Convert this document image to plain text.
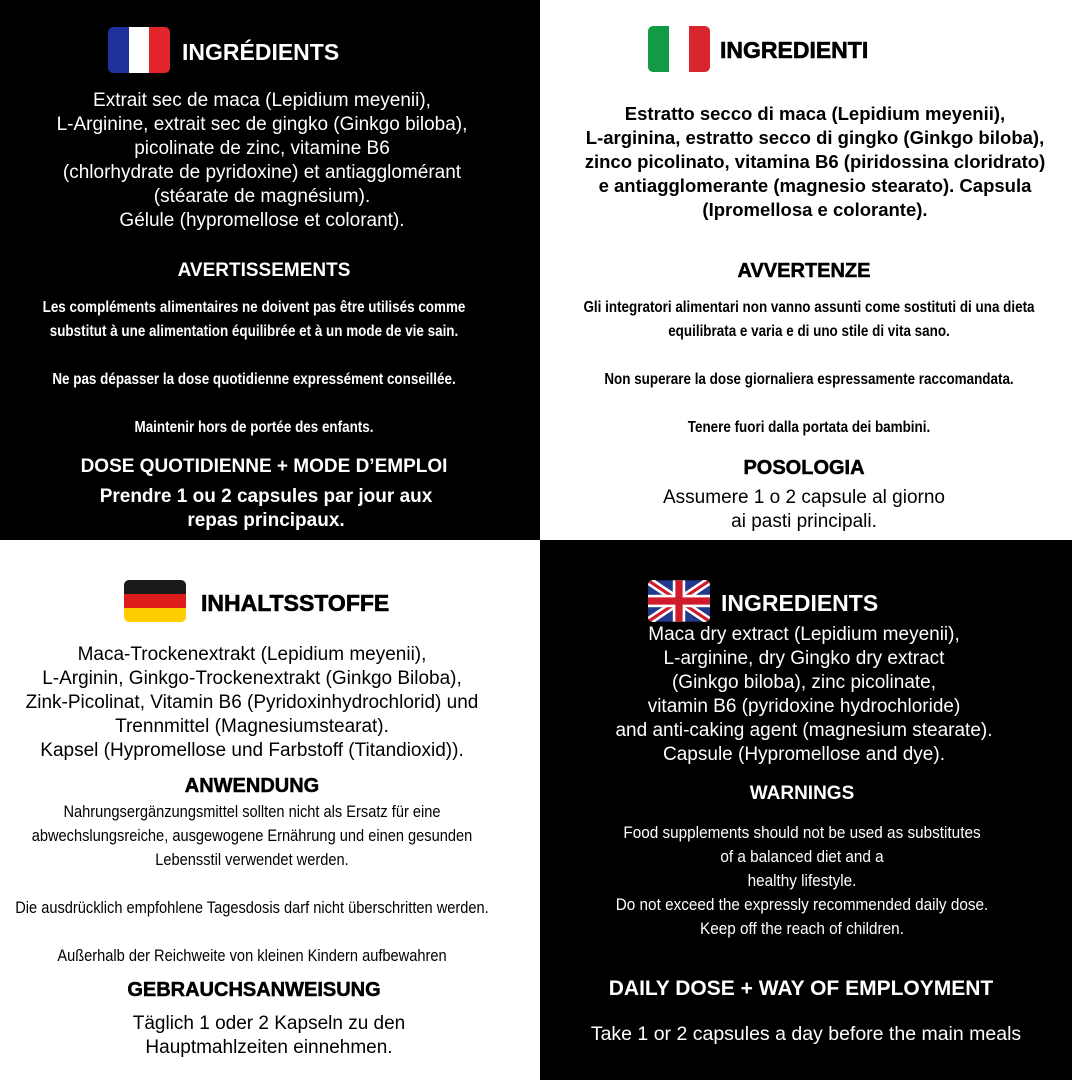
INGRÉDIENTS
Extrait sec de maca (Lepidium meyenii),
L-Arginine, extrait sec de gingko (Ginkgo biloba),
picolinate de zinc, vitamine B6
(chlorhydrate de pyridoxine) et antiagglomérant
(stéarate de magnésium).
Gélule (hypromellose et colorant).
AVERTISSEMENTS
Les compléments alimentaires ne doivent pas être utilisés comme
substitut à une alimentation équilibrée et à un mode de vie sain.

Ne pas dépasser la dose quotidienne expressément conseillée.

Maintenir hors de portée des enfants.
DOSE QUOTIDIENNE + MODE D’EMPLOI
Prendre 1 ou 2 capsules par jour aux
repas principaux.
INGREDIENTI
Estratto secco di maca (Lepidium meyenii),
L-arginina, estratto secco di gingko (Ginkgo biloba),
zinco picolinato, vitamina B6 (piridossina cloridrato)
e antiagglomerante (magnesio stearato). Capsula
(Ipromellosa e colorante).
AVVERTENZE
Gli integratori alimentari non vanno assunti come sostituti di una dieta
equilibrata e varia e di uno stile di vita sano.

Non superare la dose giornaliera espressamente raccomandata.

Tenere fuori dalla portata dei bambini.
POSOLOGIA
Assumere 1 o 2 capsule al giorno
ai pasti principali.
INHALTSSTOFFE
Maca-Trockenextrakt (Lepidium meyenii),
L-Arginin, Ginkgo-Trockenextrakt (Ginkgo Biloba),
Zink-Picolinat, Vitamin B6 (Pyridoxinhydrochlorid) und
Trennmittel (Magnesiumstearat).
Kapsel (Hypromellose und Farbstoff (Titandioxid)).
ANWENDUNG
Nahrungsergänzungsmittel sollten nicht als Ersatz für eine
abwechslungsreiche, ausgewogene Ernährung und einen gesunden
Lebensstil verwendet werden.

Die ausdrücklich empfohlene Tagesdosis darf nicht überschritten werden.

Außerhalb der Reichweite von kleinen Kindern aufbewahren
GEBRAUCHSANWEISUNG
Täglich 1 oder 2 Kapseln zu den
Hauptmahlzeiten einnehmen.
INGREDIENTS
Maca dry extract (Lepidium meyenii),
L-arginine, dry Gingko dry extract
(Ginkgo biloba), zinc picolinate,
vitamin B6 (pyridoxine hydrochloride)
and anti-caking agent (magnesium stearate).
Capsule (Hypromellose and dye).
WARNINGS
Food supplements should not be used as substitutes
of a balanced diet and a
healthy lifestyle.
Do not exceed the expressly recommended daily dose.
Keep off the reach of children.
DAILY DOSE + WAY OF EMPLOYMENT
Take 1 or 2 capsules a day before the main meals
